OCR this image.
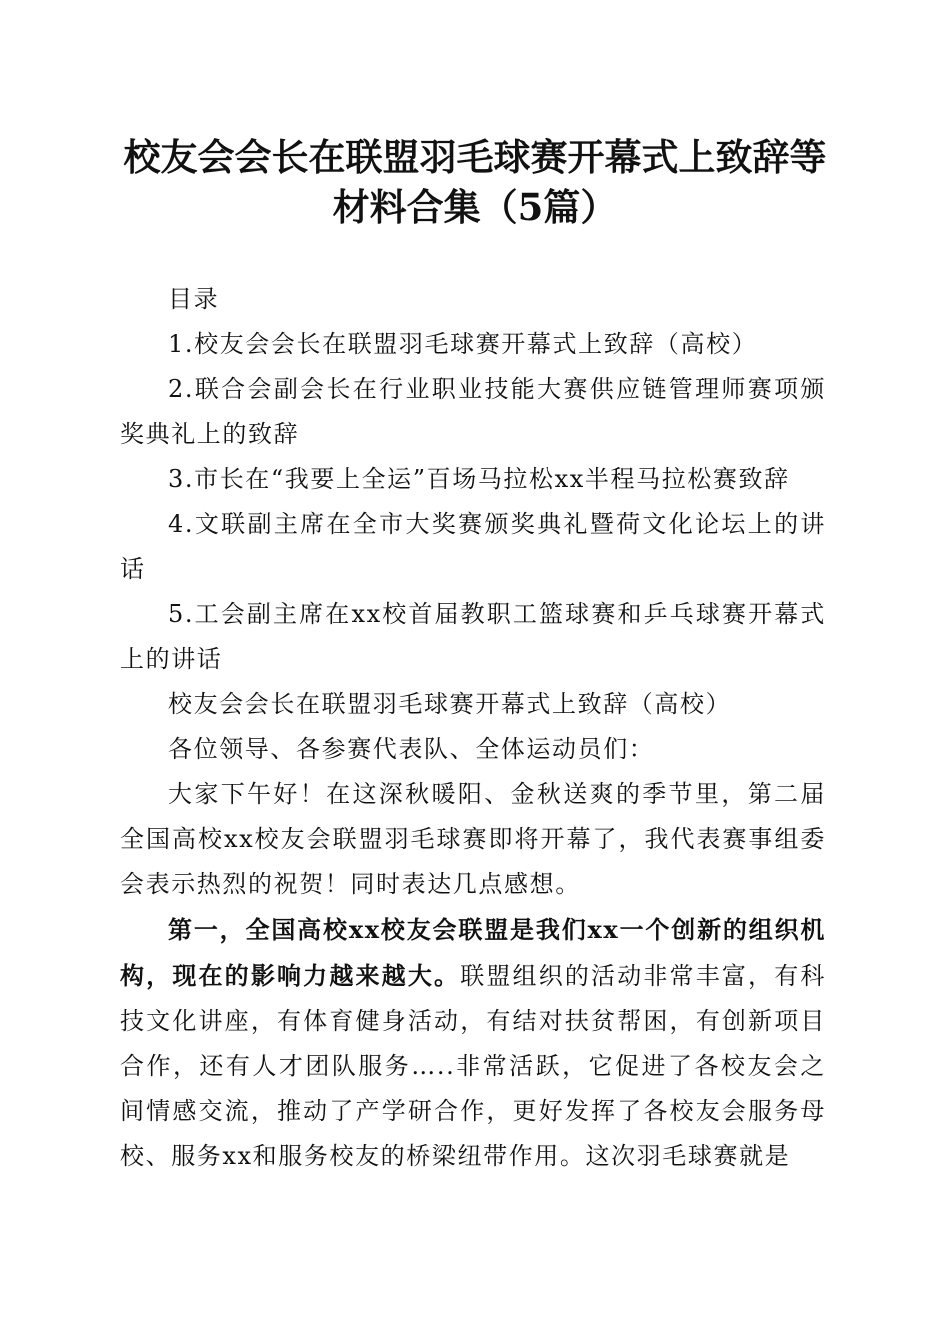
校友会会长在联盟羽毛球赛开幕式上致辞等材料合集（5篇）

目录

1.校友会会长在联盟羽毛球赛开幕式上致辞（高校）

2.联合会副会长在行业职业技能大赛供应链管理师赛项颁奖典礼上的致辞

3.市长在“我要上全运”百场马拉松xx半程马拉松赛致辞

4.文联副主席在全市大奖赛颁奖典礼暨荷文化论坛上的讲话

5.工会副主席在xx校首届教职工篮球赛和乒乓球赛开幕式上的讲话

校友会会长在联盟羽毛球赛开幕式上致辞（高校）

各位领导、各参赛代表队、全体运动员们：

大家下午好！在这深秋暖阳、金秋送爽的季节里，第二届全国高校xx校友会联盟羽毛球赛即将开幕了，我代表赛事组委会表示热烈的祝贺！同时表达几点感想。

第一，全国高校xx校友会联盟是我们xx一个创新的组织机构，现在的影响力越来越大。联盟组织的活动非常丰富，有科技文化讲座，有体育健身活动，有结对扶贫帮困，有创新项目合作，还有人才团队服务…..非常活跃，它促进了各校友会之间情感交流，推动了产学研合作，更好发挥了各校友会服务母校、服务xx和服务校友的桥梁纽带作用。这次羽毛球赛就是
